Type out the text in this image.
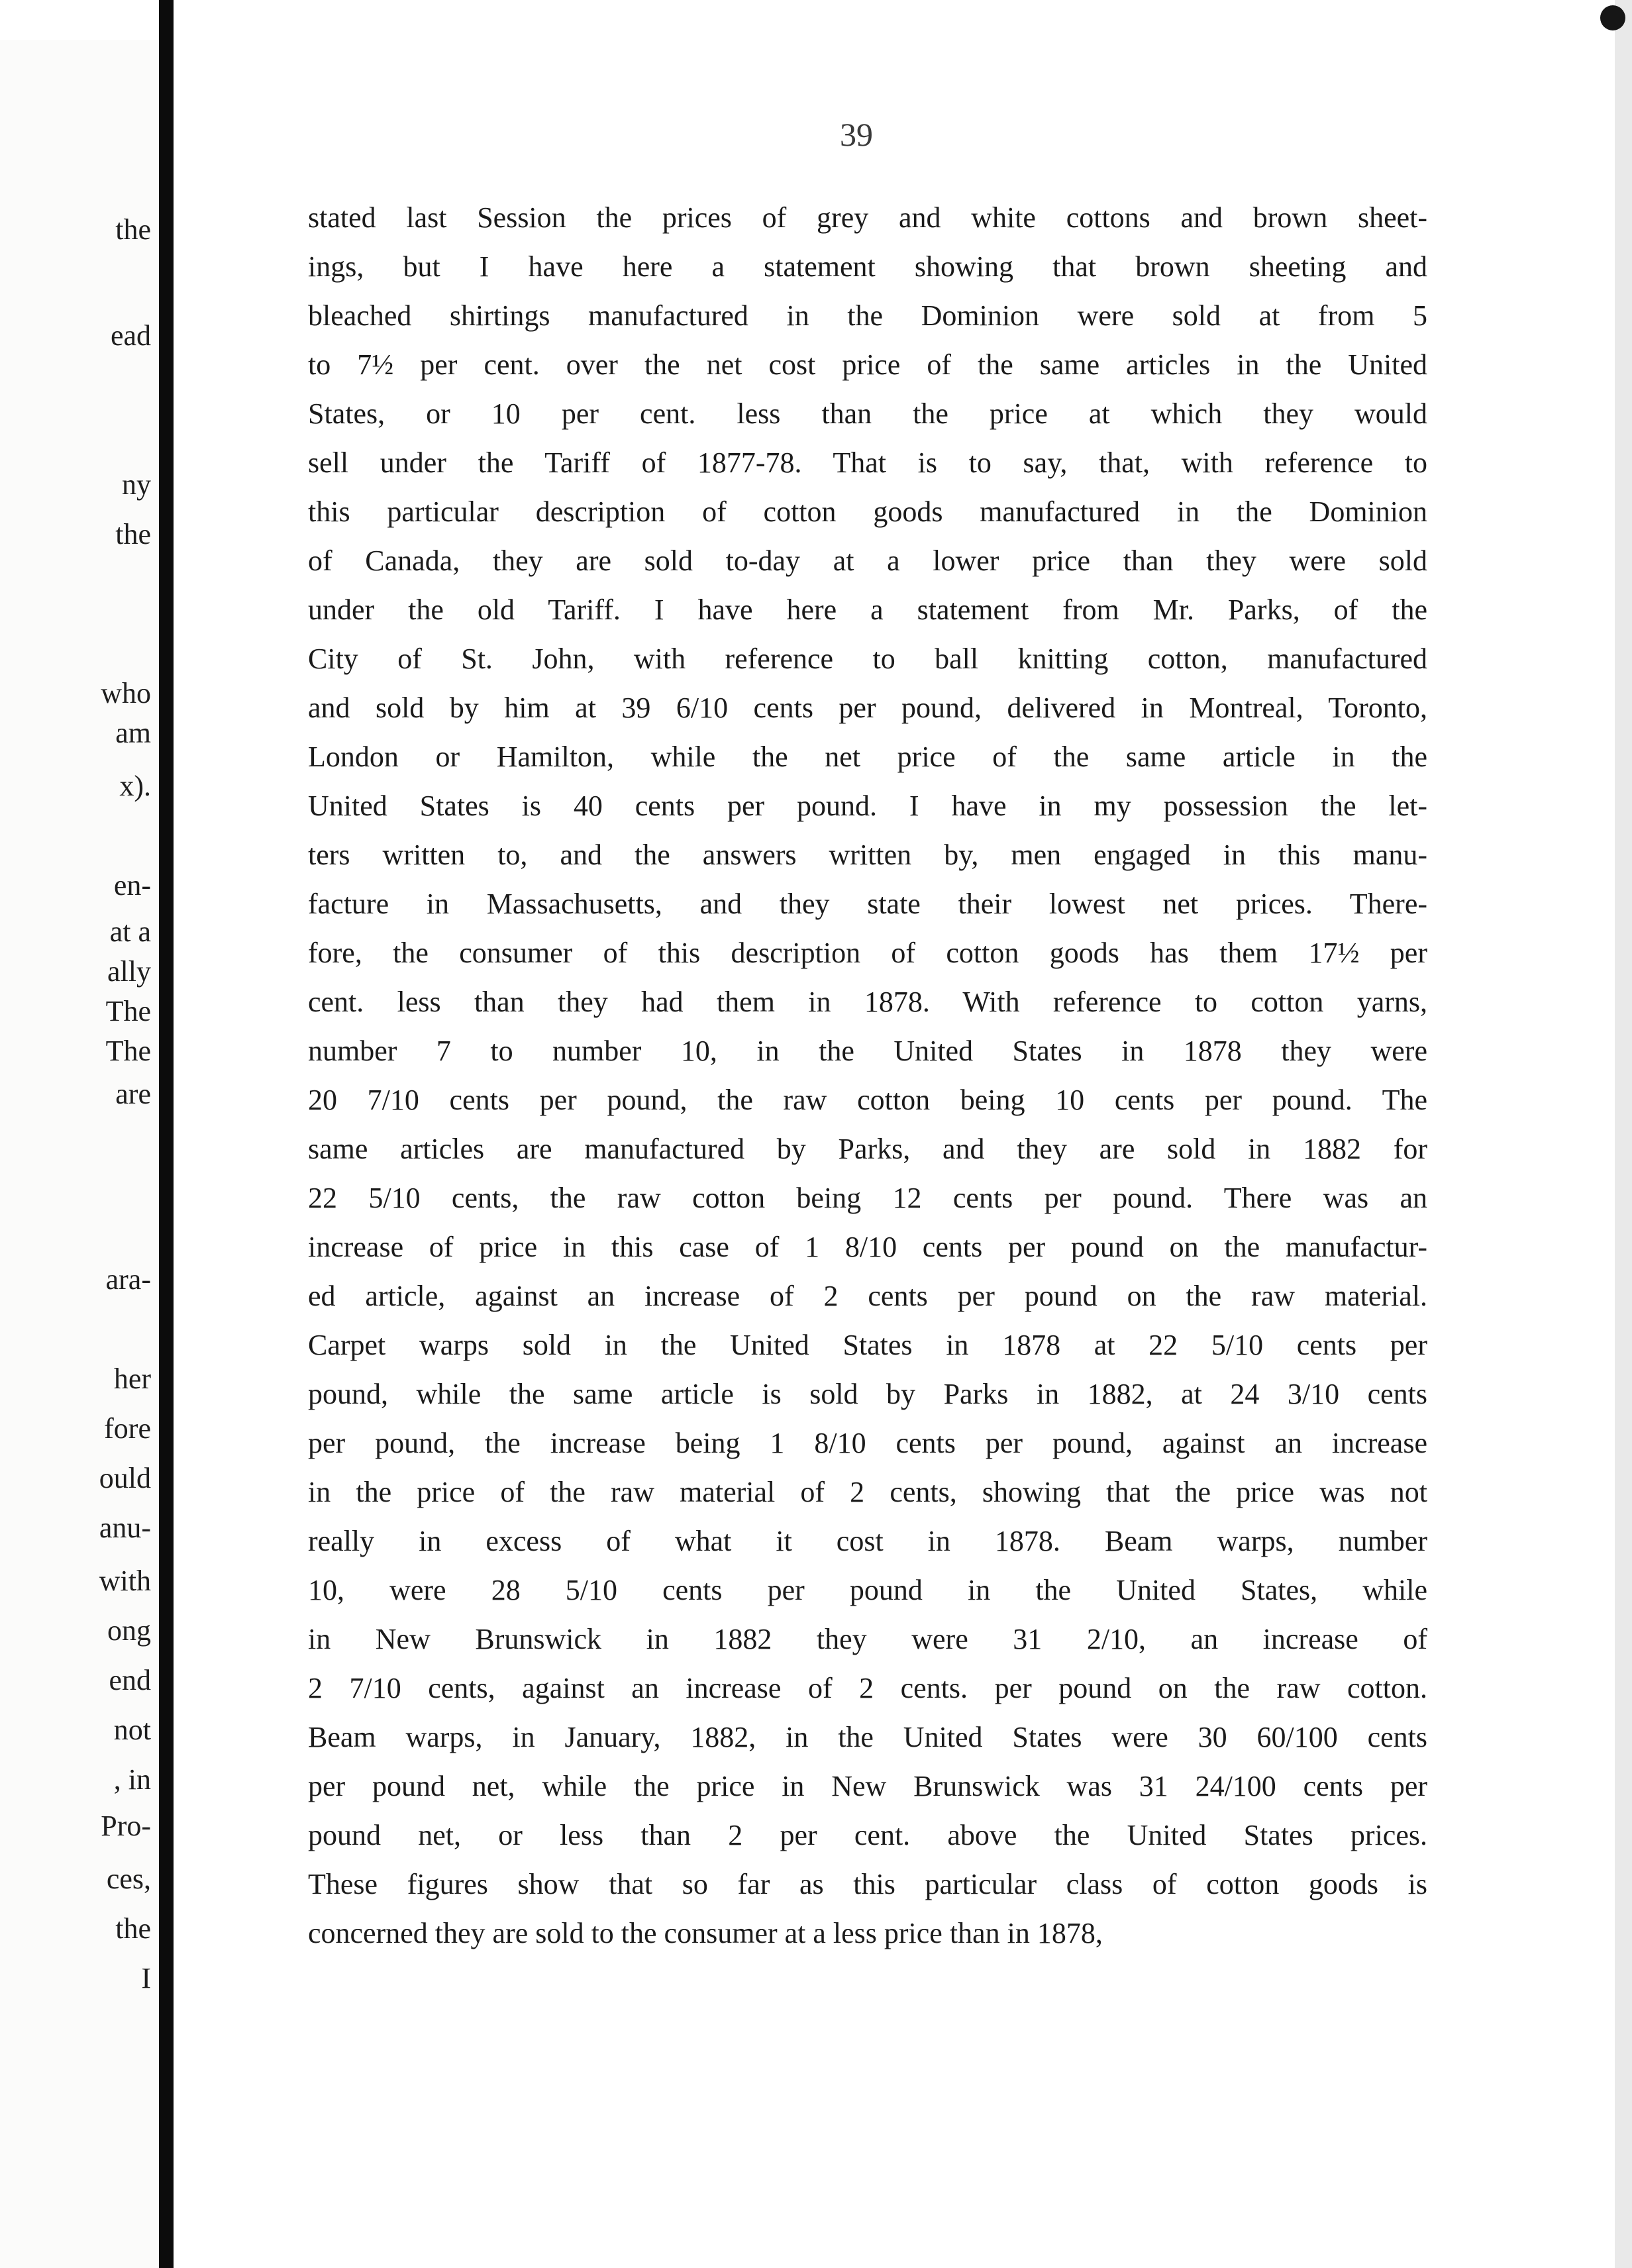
the

ead

ny

the

who

am

x).

en-

at a

ally

The

The

are

ara-

her

fore

ould

anu-

with

ong

end

not

, in

Pro-

ces,

the

I

39

stated last Session the prices of grey and white cottons and brown sheet-
ings, but I have here a statement showing that brown sheeting and
bleached shirtings manufactured in the Dominion were sold at from 5
to 7½ per cent. over the net cost price of the same articles in the United
States, or 10 per cent. less than the price at which they would
sell under the Tariff of 1877-78. That is to say, that, with reference to
this particular description of cotton goods manufactured in the Dominion
of Canada, they are sold to-day at a lower price than they were sold
under the old Tariff. I have here a statement from Mr. Parks, of the
City of St. John, with reference to ball knitting cotton, manufactured
and sold by him at 39 6/10 cents per pound, delivered in Montreal, Toronto,
London or Hamilton, while the net price of the same article in the
United States is 40 cents per pound. I have in my possession the let-
ters written to, and the answers written by, men engaged in this manu-
facture in Massachusetts, and they state their lowest net prices. There-
fore, the consumer of this description of cotton goods has them 17½ per
cent. less than they had them in 1878. With reference to cotton yarns,
number 7 to number 10, in the United States in 1878 they were
20 7/10 cents per pound, the raw cotton being 10 cents per pound. The
same articles are manufactured by Parks, and they are sold in 1882 for
22 5/10 cents, the raw cotton being 12 cents per pound. There was an
increase of price in this case of 1 8/10 cents per pound on the manufactur-
ed article, against an increase of 2 cents per pound on the raw material.
Carpet warps sold in the United States in 1878 at 22 5/10 cents per
pound, while the same article is sold by Parks in 1882, at 24 3/10 cents
per pound, the increase being 1 8/10 cents per pound, against an increase
in the price of the raw material of 2 cents, showing that the price was not
really in excess of what it cost in 1878. Beam warps, number
10, were 28 5/10 cents per pound in the United States, while
in New Brunswick in 1882 they were 31 2/10, an increase of
2 7/10 cents, against an increase of 2 cents. per pound on the raw cotton.
Beam warps, in January, 1882, in the United States were 30 60/100 cents
per pound net, while the price in New Brunswick was 31 24/100 cents per
pound net, or less than 2 per cent. above the United States prices.
These figures show that so far as this particular class of cotton goods is
concerned they are sold to the consumer at a less price than in 1878,
